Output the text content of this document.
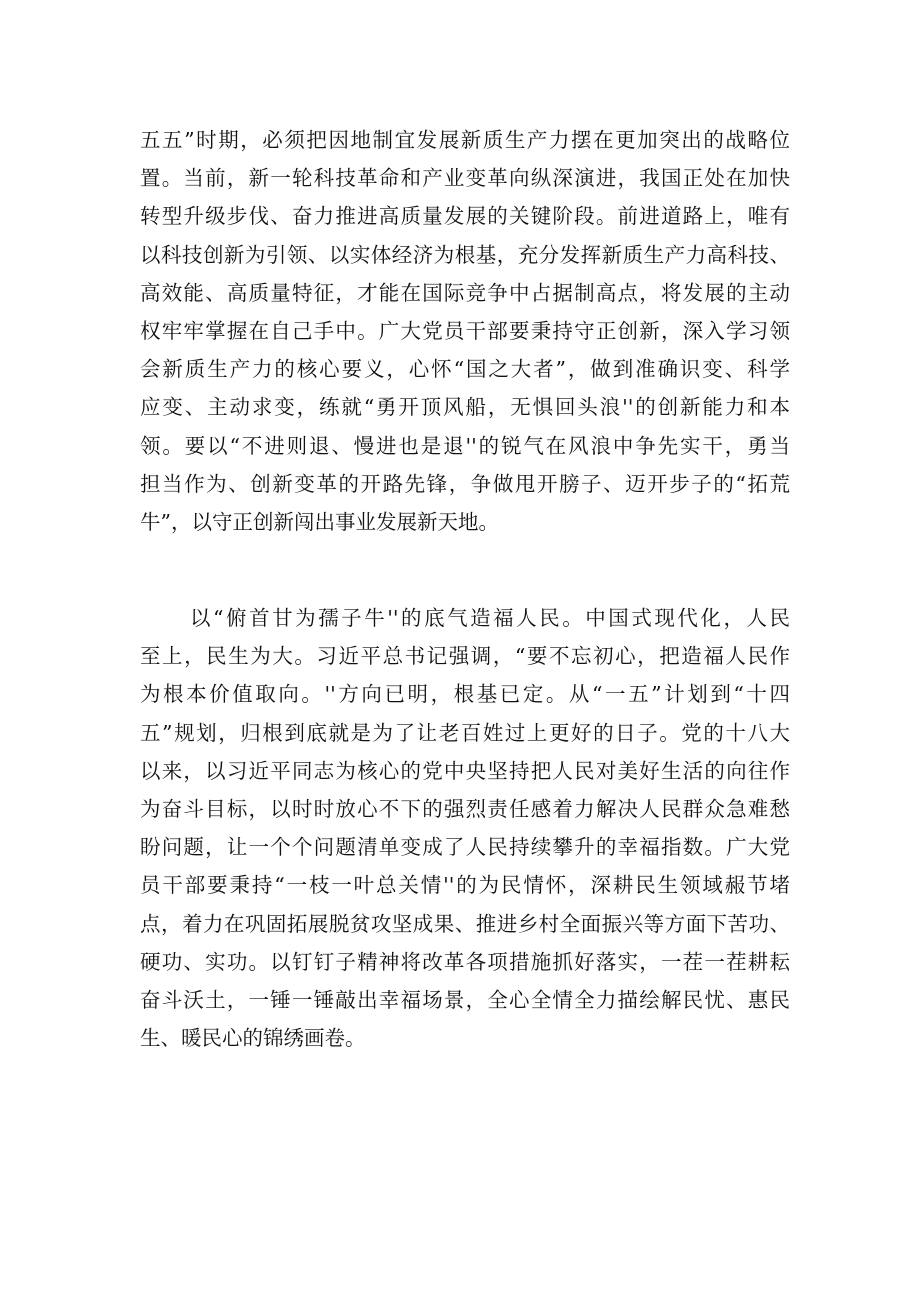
五五”时期，必须把因地制宜发展新质生产力摆在更加突出的战略位
置。当前，新一轮科技革命和产业变革向纵深演进，我国正处在加快
转型升级步伐、奋力推进高质量发展的关键阶段。前进道路上，唯有
以科技创新为引领、以实体经济为根基，充分发挥新质生产力高科技、
高效能、高质量特征，才能在国际竞争中占据制高点，将发展的主动
权牢牢掌握在自己手中。广大党员干部要秉持守正创新，深入学习领
会新质生产力的核心要义，心怀“国之大者”，做到准确识变、科学
应变、主动求变，练就“勇开顶风船，无惧回头浪''的创新能力和本
领。要以“不进则退、慢进也是退''的锐气在风浪中争先实干，勇当
担当作为、创新变革的开路先锋，争做甩开膀子、迈开步子的“拓荒
牛”，以守正创新闯出事业发展新天地。
以“俯首甘为孺子牛''的底气造福人民。中国式现代化，人民
至上，民生为大。习近平总书记强调，“要不忘初心，把造福人民作
为根本价值取向。''方向已明，根基已定。从“一五”计划到“十四
五”规划，归根到底就是为了让老百姓过上更好的日子。党的十八大
以来，以习近平同志为核心的党中央坚持把人民对美好生活的向往作
为奋斗目标，以时时放心不下的强烈责任感着力解决人民群众急难愁
盼问题，让一个个问题清单变成了人民持续攀升的幸福指数。广大党
员干部要秉持“一枝一叶总关情''的为民情怀，深耕民生领域赧节堵
点，着力在巩固拓展脱贫攻坚成果、推进乡村全面振兴等方面下苦功、
硬功、实功。以钉钉子精神将改革各项措施抓好落实，一茬一茬耕耘
奋斗沃土，一锤一锤敲出幸福场景，全心全情全力描绘解民忧、惠民
生、暖民心的锦绣画卷。
